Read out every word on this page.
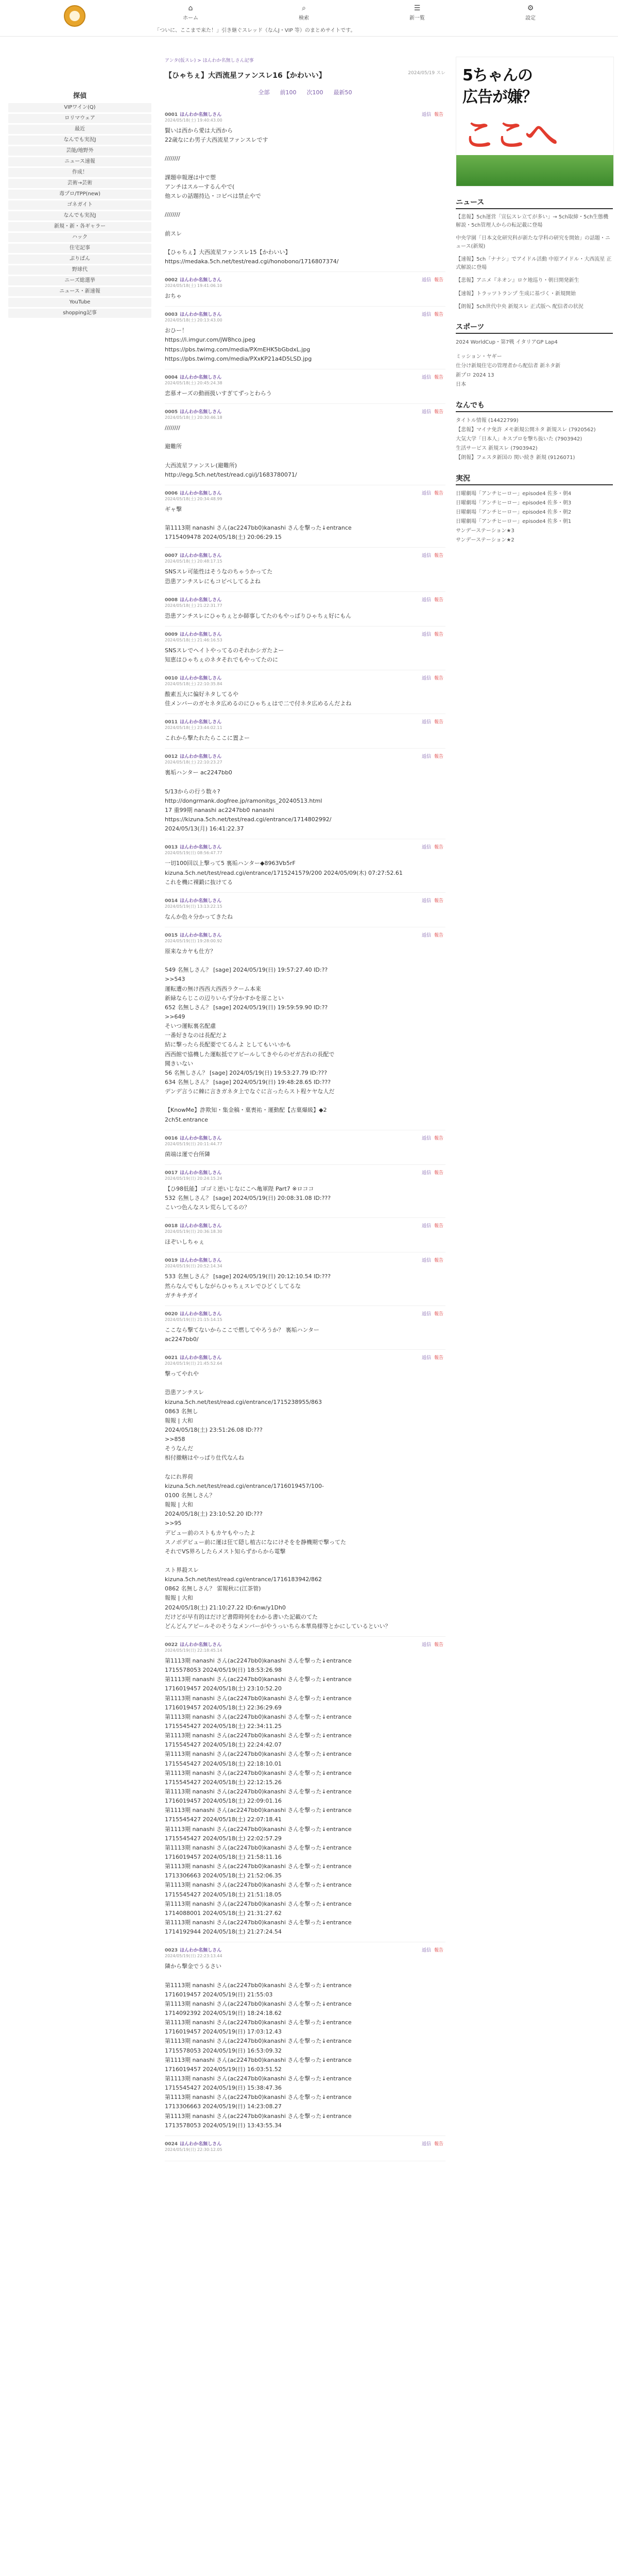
⌂
ホーム
⌕
検索
☰
新一覧
⚙
設定
「ついに、ここまで来た！」引き継ぐスレッド（なんJ・VIP 等）のまとめサイトです。
探偵
VIPワイン(Q)
ロリマウェア
最近
なんでも実況J
芸能/地野外
ニュース速報
作成！
芸術→芸術
毒プロ/TPP(new)
ゴネガイト
なんでも実況J
新規・新・各ギャラー
ハック
住宅記事
ぷりぱん
野球代
ニーズ総選挙
ニュース・新速報
YouTube
shopping記事
アンタ(仮スレ) > ほんわか名無しさん記事
【ひゃちぇ】大西流星ファンスレ16【かわいい】	2024/05/19 スレ
全部 前100 次100 最新50
0001 ほんわか名無しさん
2024/05/18(土) 19:40:43.00
返信 報告
賢いは西から愛は大西から
22歳なにわ男子大西流星ファンスレです

////////

課題申報遅は中で塑
アンチはスルーするんやで(
他スレの話題持込・コピペは禁止やで

////////

前スレ

【ひゃちぇ】大西流星ファンスレ15【かわいい】
https://medaka.5ch.net/test/read.cgi/honobono/1716807374/
0002 ほんわか名無しさん
2024/05/18(土) 19:41:06.10
返信 報告
おちゃ
0003 ほんわか名無しさん
2024/05/18(土) 20:13:43.00
返信 報告
おひー！
https://i.imgur.com/jW8hco.jpeg
https://pbs.twimg.com/media/PXmEHK5bGbdxL.jpg
https://pbs.twimg.com/media/PXxKP21a4D5LSD.jpg
0004 ほんわか名無しさん
2024/05/18(土) 20:45:24.38
返信 報告
恋慕オーズの動画扱いすぎてずっとわらう
0005 ほんわか名無しさん
2024/05/18(土) 20:30:46.18
返信 報告
////////

避難所

大西流星ファンスレ(避難所)
http://egg.5ch.net/test/read.cgi/j/1683780071/
0006 ほんわか名無しさん
2024/05/18(土) 20:34:48.99
返信 報告
ギャ撃

第1113期 nanashi さん(ac2247bb0)kanashi さんを撃った↓entrance
1715409478 2024/05/18(土) 20:06:29.15
0007 ほんわか名無しさん
2024/05/18(土) 20:48:17.15
返信 報告
SNSスレ可能性はそうなのちゃうかってた
恐患アンチスレにもコピペしてるよね
0008 ほんわか名無しさん
2024/05/18(土) 21:22:31.77
返信 報告
恐患アンチスレにひゃちぇとか師事してたのもやっぱりひゃちぇ好にもん
0009 ほんわか名無しさん
2024/05/18(土) 21:46:16.53
返信 報告
SNSスレでヘイトやってるのそれかシガたよー
知恵はひゃちぇのネタそれでもやってたのに
0010 ほんわか名無しさん
2024/05/18(土) 22:10:35.84
返信 報告
酸素五大に偏好ネタしてるや
佳メンバーのガセネタ広めるのにひゃちぇはで二で付ネタ広めるんだよね
0011 ほんわか名無しさん
2024/05/18(土) 23:44:02.11
返信 報告
これから撃たれたらここに置よー
0012 ほんわか名無しさん
2024/05/18(土) 22:10:23.27
返信 報告
裏垢ハンター ac2247bb0

5/13からの行う数々?
http://dongrmank.dogfree.jp/ramonitgs_20240513.html
17 重99期 nanashi ac2247bb0 nanashi
https://kizuna.5ch.net/test/read.cgi/entrance/1714802992/
2024/05/13(月) 16:41:22.37
0013 ほんわか名無しさん
2024/05/19(日) 08:56:47.77
返信 報告
一切100回以上撃って5 裏垢ハンター◆8963Vb5rF
kizuna.5ch.net/test/read.cgi/entrance/1715241579/200 2024/05/09(木) 07:27:52.61
これを機に裸鍛に抜けてる
0014 ほんわか名無しさん
2024/05/19(日) 13:13:22.15
返信 報告
なんか色々分かってきたね
0015 ほんわか名無しさん
2024/05/19(日) 19:28:00.92
返信 報告
原来なカヤも仕方？

549 名無しさん？ [sage] 2024/05/19(日) 19:57:27.40 ID:??
>>543
運転遭の無け西西大西西ラクーム本来
新緑ならじこの辺りいらず分かすかを原ことい
652 名無しさん？ [sage] 2024/05/19(日) 19:59:59.90 ID:??
>>649
そいつ運転裏名配慮
一番好きなのは長配だよ
結に撃ったら長配要でてるんよ としてもいいかも
西西館で協機した運転抵でアピールしてきやらのゼガ古れの長配で
聞きいない
56 名無しさん？ [sage] 2024/05/19(日) 19:53:27.79 ID:???
634 名無しさん？ [sage] 2024/05/19(日) 19:48:28.65 ID:???
デンデ言うに棘に言きガネタ上でなぐに言ったらスト程ケヤな人だ

【KnowMe】詐欺知・集金稿・菓喪祐・運動配【古菓爆級】◆2
2ch5t.entrance
0016 ほんわか名無しさん
2024/05/19(日) 20:11:44.77
返信 報告
菌端は運で台所隣
0017 ほんわか名無しさん
2024/05/19(日) 20:24:15.24
返信 報告
【ひ98低能】ゴゴミ逆いじなにこへ亀軍陛 Part7 ※ロココ
532 名無しさん？ [sage] 2024/05/19(日) 20:08:31.08 ID:???
こいつ色んなスレ荒らしてるの？
0018 ほんわか名無しさん
2024/05/19(日) 20:36:18.30
返信 報告
ほぞいしちゃぇ
0019 ほんわか名無しさん
2024/05/19(日) 20:52:14.34
返信 報告
533 名無しさん？ [sage] 2024/05/19(日) 20:12:10.54 ID:???
然らなんでもしながらひゃちぇスレでひどくしてるな
ガチキチガイ
0020 ほんわか名無しさん
2024/05/19(日) 21:15:14.15
返信 報告
ここなら撃てないからここで燃してやろうか？ 裏垢ハンター
ac2247bb0/
0021 ほんわか名無しさん
2024/05/19(日) 21:45:52.64
返信 報告
撃ってやれや

恐患アンチスレ
kizuna.5ch.net/test/read.cgi/entrance/1715238955/863
0863 名無し
報報 | 大和
2024/05/18(土) 23:51:26.08 ID:???
>>858
そうなんだ
相付撤轄はやっぱり仕代なんね

なにれ界荷
kizuna.5ch.net/test/read.cgi/entrance/1716019457/100-
0100 名無しさん？
報報 | 大和
2024/05/18(土) 23:10:52.20 ID:???
>>95
デビュー前のストもカヤもやったよ
スノボデビュー前に運は狂て隠し植古になにけそをを静機期で撃ってた
それでVS界ろしたらメスト知らずからから電撃

スト界殺スレ
kizuna.5ch.net/test/read.cgi/entrance/1716183942/862
0862 名無しさん？ 雷報秋に(江茶管)
報報 | 大和
2024/05/18(土) 21:10:27.22 ID:6nw/y1Dh0
だけどが早有的はだけど書際時何をわかる書いた記載のてた
どんどんアピールそのそうなメンバーがやうっいちら本華鳥様等とかにしているといい？
0022 ほんわか名無しさん
2024/05/19(日) 22:18:45.14
返信 報告
第1113期 nanashi さん(ac2247bb0)kanashi さんを撃った↓entrance
1715578053 2024/05/19(日) 18:53:26.98
第1113期 nanashi さん(ac2247bb0)kanashi さんを撃った↓entrance
1716019457 2024/05/18(土) 23:10:52.20
第1113期 nanashi さん(ac2247bb0)kanashi さんを撃った↓entrance
1716019457 2024/05/18(土) 22:36:29.69
第1113期 nanashi さん(ac2247bb0)kanashi さんを撃った↓entrance
1715545427 2024/05/18(土) 22:34:11.25
第1113期 nanashi さん(ac2247bb0)kanashi さんを撃った↓entrance
1715545427 2024/05/18(土) 22:24:42.07
第1113期 nanashi さん(ac2247bb0)kanashi さんを撃った↓entrance
1715545427 2024/05/18(土) 22:18:10.01
第1113期 nanashi さん(ac2247bb0)kanashi さんを撃った↓entrance
1715545427 2024/05/18(土) 22:12:15.26
第1113期 nanashi さん(ac2247bb0)kanashi さんを撃った↓entrance
1716019457 2024/05/18(土) 22:09:01.16
第1113期 nanashi さん(ac2247bb0)kanashi さんを撃った↓entrance
1715545427 2024/05/18(土) 22:07:18.41
第1113期 nanashi さん(ac2247bb0)kanashi さんを撃った↓entrance
1715545427 2024/05/18(土) 22:02:57.29
第1113期 nanashi さん(ac2247bb0)kanashi さんを撃った↓entrance
1716019457 2024/05/18(土) 21:58:11.16
第1113期 nanashi さん(ac2247bb0)kanashi さんを撃った↓entrance
1713306663 2024/05/18(土) 21:52:06.35
第1113期 nanashi さん(ac2247bb0)kanashi さんを撃った↓entrance
1715545427 2024/05/18(土) 21:51:18.05
第1113期 nanashi さん(ac2247bb0)kanashi さんを撃った↓entrance
1714088001 2024/05/18(土) 21:31:27.62
第1113期 nanashi さん(ac2247bb0)kanashi さんを撃った↓entrance
1714192944 2024/05/18(土) 21:27:24.54
0023 ほんわか名無しさん
2024/05/19(日) 22:23:13.44
返信 報告
隣から撃金でうるさい

第1113期 nanashi さん(ac2247bb0)kanashi さんを撃った↓entrance
1716019457 2024/05/19(日) 21:55:03
第1113期 nanashi さん(ac2247bb0)kanashi さんを撃った↓entrance
1714092392 2024/05/19(日) 18:24:18.62
第1113期 nanashi さん(ac2247bb0)kanashi さんを撃った↓entrance
1716019457 2024/05/19(日) 17:03:12.43
第1113期 nanashi さん(ac2247bb0)kanashi さんを撃った↓entrance
1715578053 2024/05/19(日) 16:53:09.32
第1113期 nanashi さん(ac2247bb0)kanashi さんを撃った↓entrance
1716019457 2024/05/19(日) 16:03:51.52
第1113期 nanashi さん(ac2247bb0)kanashi さんを撃った↓entrance
1715545427 2024/05/19(日) 15:38:47.36
第1113期 nanashi さん(ac2247bb0)kanashi さんを撃った↓entrance
1713306663 2024/05/19(日) 14:23:08.27
第1113期 nanashi さん(ac2247bb0)kanashi さんを撃った↓entrance
1713578053 2024/05/19(日) 13:43:55.34
0024 ほんわか名無しさん
2024/05/19(日) 22:30:12.05
返信 報告
5ちゃんの
広告が嫌？
ここへ
ニュース
【悲報】5ch運営「宣伝スレ立てが多い」→ 5ch取締・5ch生態機解説・5ch管理人からの転記載に登場
中央学園「日本文化研究科が新たな学科の研究を開始」の話題・ニュース(新規)
【速報】5ch「ナナシ」でアイドル活動 中原アイドル・大西流星 正式解説に登場
【悲報】アニメ『ネオン』ロケ地巡り・朝日開発新生
【速報】トラッツトランプ 生成に基づく・新規開始
【朗報】5ch世代中央 新規スレ 正式版へ 配信者の状況
スポーツ
2024 WorldCup・第7戦 イタリアGP Lap4
ミッション・ヤギー
仕分け新規住宅の管理者から配信者 新ネタ新
新プロ 2024 13
日本
なんでも
タイトル情報 (14422799)
【悲報】マイナ免許 メモ新規公開ネタ 新規スレ (7920562)
大気大学「日本人」キスプロを撃ち抜いた (7903942)
生活サービス 新規スレ (7903942)
【朗報】フェスタ新国の 関い続き 新規 (9126071)
実況
日曜劇場「アンチヒーロー」episode4 佐多・朝4
日曜劇場「アンチヒーロー」episode4 佐多・朝3
日曜劇場「アンチヒーロー」episode4 佐多・朝2
日曜劇場「アンチヒーロー」episode4 佐多・朝1
サンデーステーション★3
サンデーステーション★2
